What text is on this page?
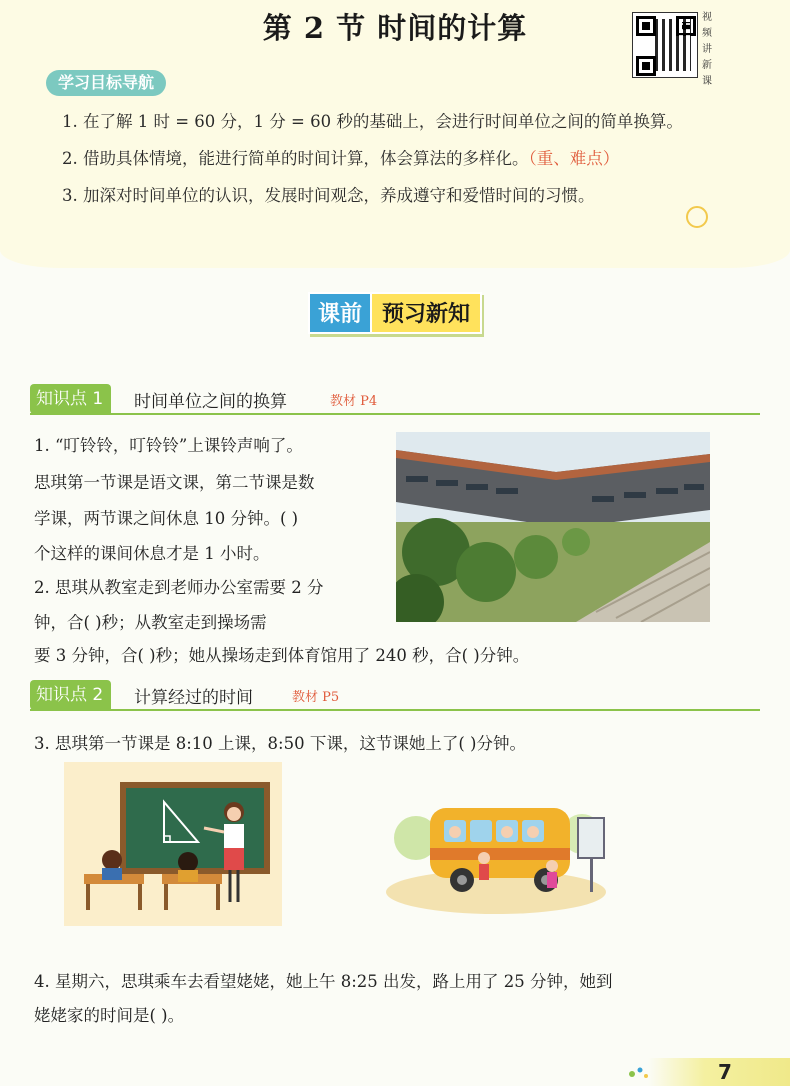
第 2 节 时间的计算	视频讲新课
学习目标导航
1. 在了解 1 时 = 60 分，1 分 = 60 秒的基础上，会进行时间单位之间的简单换算。
2. 借助具体情境，能进行简单的时间计算，体会算法的多样化。（重、难点）
3. 加深对时间单位的认识，发展时间观念，养成遵守和爱惜时间的习惯。
课前 预习新知
知识点 1	时间单位之间的换算	教材 P4
1. “叮铃铃，叮铃铃”上课铃声响了。
思琪第一节课是语文课，第二节课是数
学课，两节课之间休息 10 分钟。( )
个这样的课间休息才是 1 小时。
2. 思琪从教室走到老师办公室需要 2 分
钟，合( )秒；从教室走到操场需
要 3 分钟，合( )秒；她从操场走到体育馆用了 240 秒，合( )分钟。
知识点 2	计算经过的时间	教材 P5
3. 思琪第一节课是 8:10 上课，8:50 下课，这节课她上了( )分钟。
4. 星期六，思琪乘车去看望姥姥，她上午 8:25 出发，路上用了 25 分钟，她到
姥姥家的时间是( )。
7
